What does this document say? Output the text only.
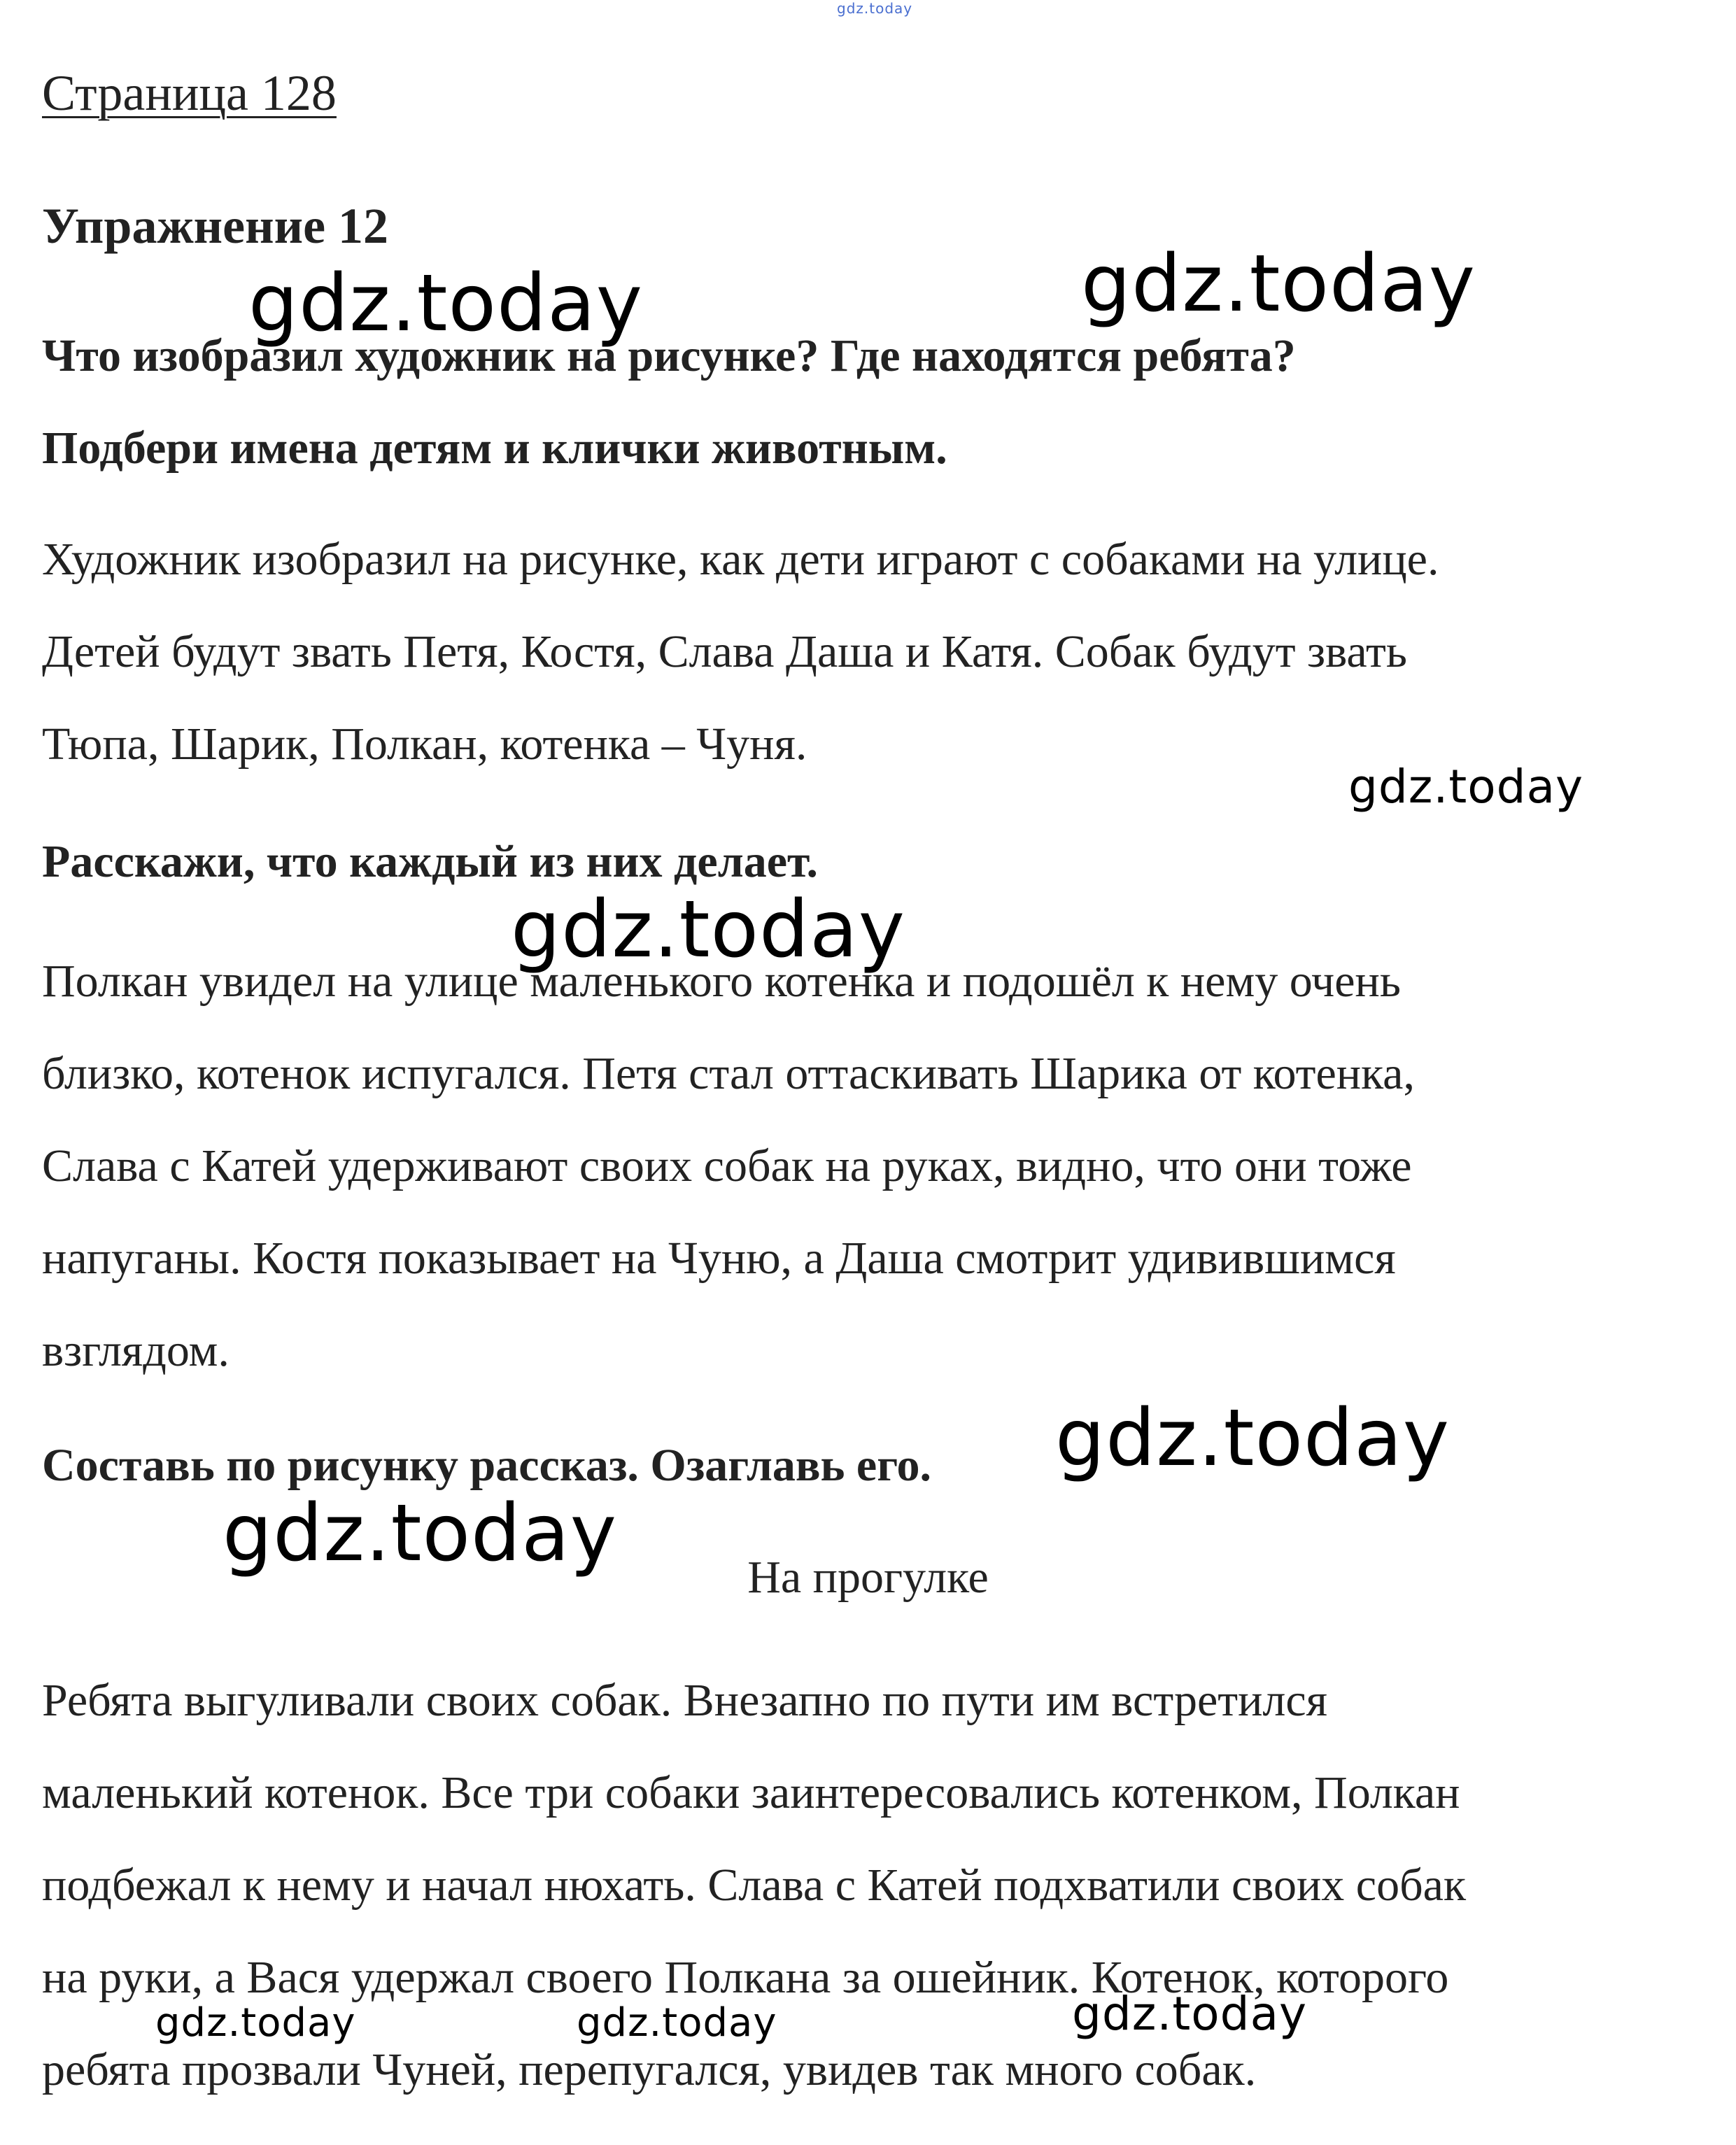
gdz.today

Страница 128

Упражнение 12

Что изобразил художник на рисунке? Где находятся ребята?

Подбери имена детям и клички животным.

Художник изобразил на рисунке, как дети играют с собаками на улице.

Детей будут звать Петя, Костя, Слава Даша и Катя. Собак будут звать

Тюпа, Шарик, Полкан, котенка – Чуня.

Расскажи, что каждый из них делает.

Полкан увидел на улице маленького котенка и подошёл к нему очень

близко, котенок испугался. Петя стал оттаскивать Шарика от котенка,

Слава с Катей удерживают своих собак на руках, видно, что они тоже

напуганы. Костя показывает на Чуню, а Даша смотрит удивившимся

взглядом.

Составь по рисунку рассказ. Озаглавь его.

На прогулке

Ребята выгуливали своих собак. Внезапно по пути им встретился

маленький котенок. Все три собаки заинтересовались котенком, Полкан

подбежал к нему и начал нюхать. Слава с Катей подхватили своих собак

на руки, а Вася удержал своего Полкана за ошейник. Котенок, которого

ребята прозвали Чуней, перепугался, увидев так много собак.

gdz.today	gdz.today

gdz.today

gdz.today

gdz.today

gdz.today

gdz.today	gdz.today	gdz.today
